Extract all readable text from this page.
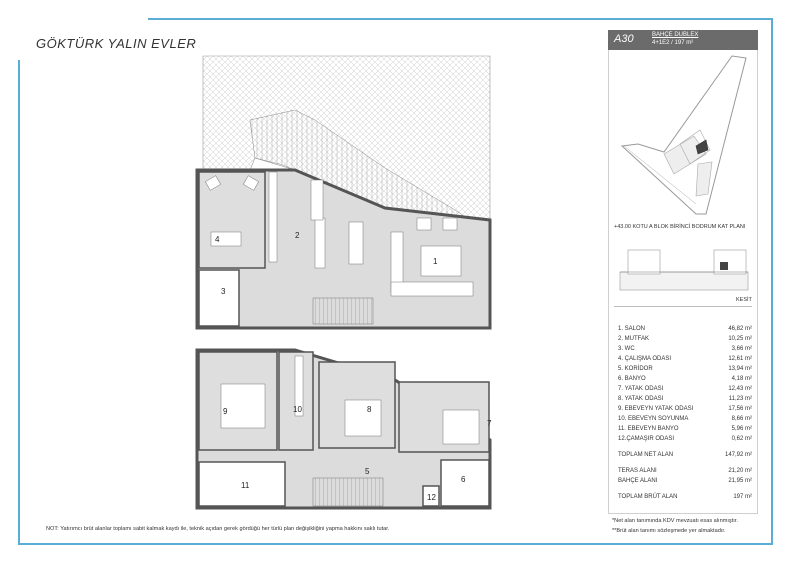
GÖKTÜRK YALIN EVLER
4	2
3
1
9	10	8
7
5
6
11
12
NOT: Yatırımcı brüt alanlar toplamı sabit kalmak kaydı ile, teknik açıdan gerek gördüğü her türlü plan değişikliğini yapma hakkını saklı tutar.
A30	BAHÇE DUBLEX
4+1E2 / 197 m²
+43.00 KOTU A BLOK BİRİNCİ BODRUM KAT PLANI
KESİT
1. SALON	46,82 m²
2. MUTFAK	10,25 m²
3. WC	3,66 m²
4. ÇALIŞMA ODASI	12,61 m²
5. KORİDOR	13,94 m²
6. BANYO	4,18 m²
7. YATAK ODASI	12,43 m²
8. YATAK ODASI	11,23 m²
9. EBEVEYN YATAK ODASI	17,56 m²
10. EBEVEYN SOYUNMA	8,66 m²
11. EBEVEYN BANYO	5,96 m²
12.ÇAMAŞIR ODASI	0,62 m²
TOPLAM NET ALAN	147,92 m²
TERAS ALANI	21,20 m²
BAHÇE ALANI	21,95 m²
TOPLAM BRÜT ALAN	197 m²
*Net alan tanımında KDV mevzuatı esas alınmıştır.
**Brüt alan tanımı sözleşmede yer almaktadır.
